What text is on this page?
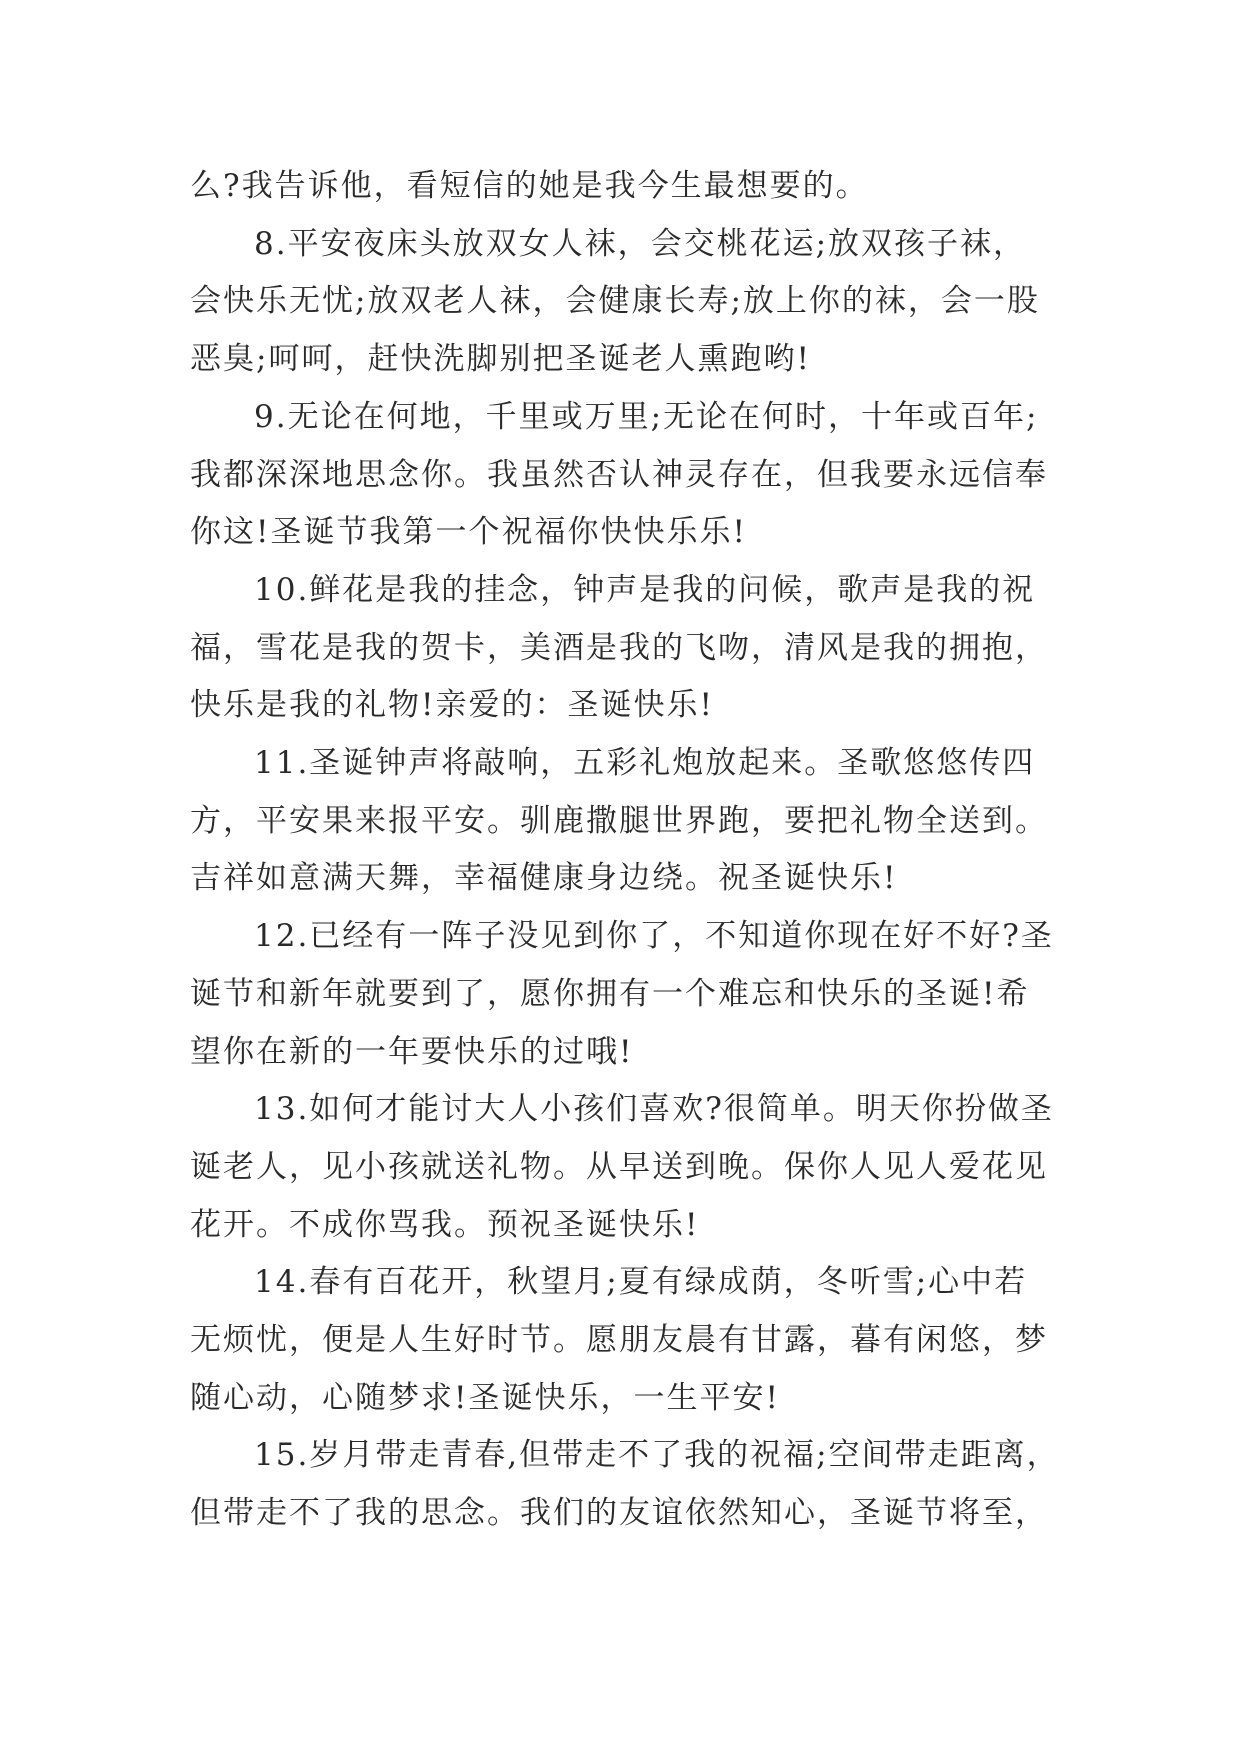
么?我告诉他，看短信的她是我今生最想要的。

8.平安夜床头放双女人袜，会交桃花运;放双孩子袜，
会快乐无忧;放双老人袜，会健康长寿;放上你的袜，会一股
恶臭;呵呵，赶快洗脚别把圣诞老人熏跑哟!

9.无论在何地，千里或万里;无论在何时，十年或百年;
我都深深地思念你。我虽然否认神灵存在，但我要永远信奉
你这!圣诞节我第一个祝福你快快乐乐!

10.鲜花是我的挂念，钟声是我的问候，歌声是我的祝
福，雪花是我的贺卡，美酒是我的飞吻，清风是我的拥抱，
快乐是我的礼物!亲爱的：圣诞快乐!

11.圣诞钟声将敲响，五彩礼炮放起来。圣歌悠悠传四
方，平安果来报平安。驯鹿撒腿世界跑，要把礼物全送到。
吉祥如意满天舞，幸福健康身边绕。祝圣诞快乐!

12.已经有一阵子没见到你了，不知道你现在好不好?圣
诞节和新年就要到了，愿你拥有一个难忘和快乐的圣诞!希
望你在新的一年要快乐的过哦!

13.如何才能讨大人小孩们喜欢?很简单。明天你扮做圣
诞老人，见小孩就送礼物。从早送到晚。保你人见人爱花见
花开。不成你骂我。预祝圣诞快乐!

14.春有百花开，秋望月;夏有绿成荫，冬听雪;心中若
无烦忧，便是人生好时节。愿朋友晨有甘露，暮有闲悠，梦
随心动，心随梦求!圣诞快乐，一生平安!

15.岁月带走青春,但带走不了我的祝福;空间带走距离，
但带走不了我的思念。我们的友谊依然知心，圣诞节将至，
